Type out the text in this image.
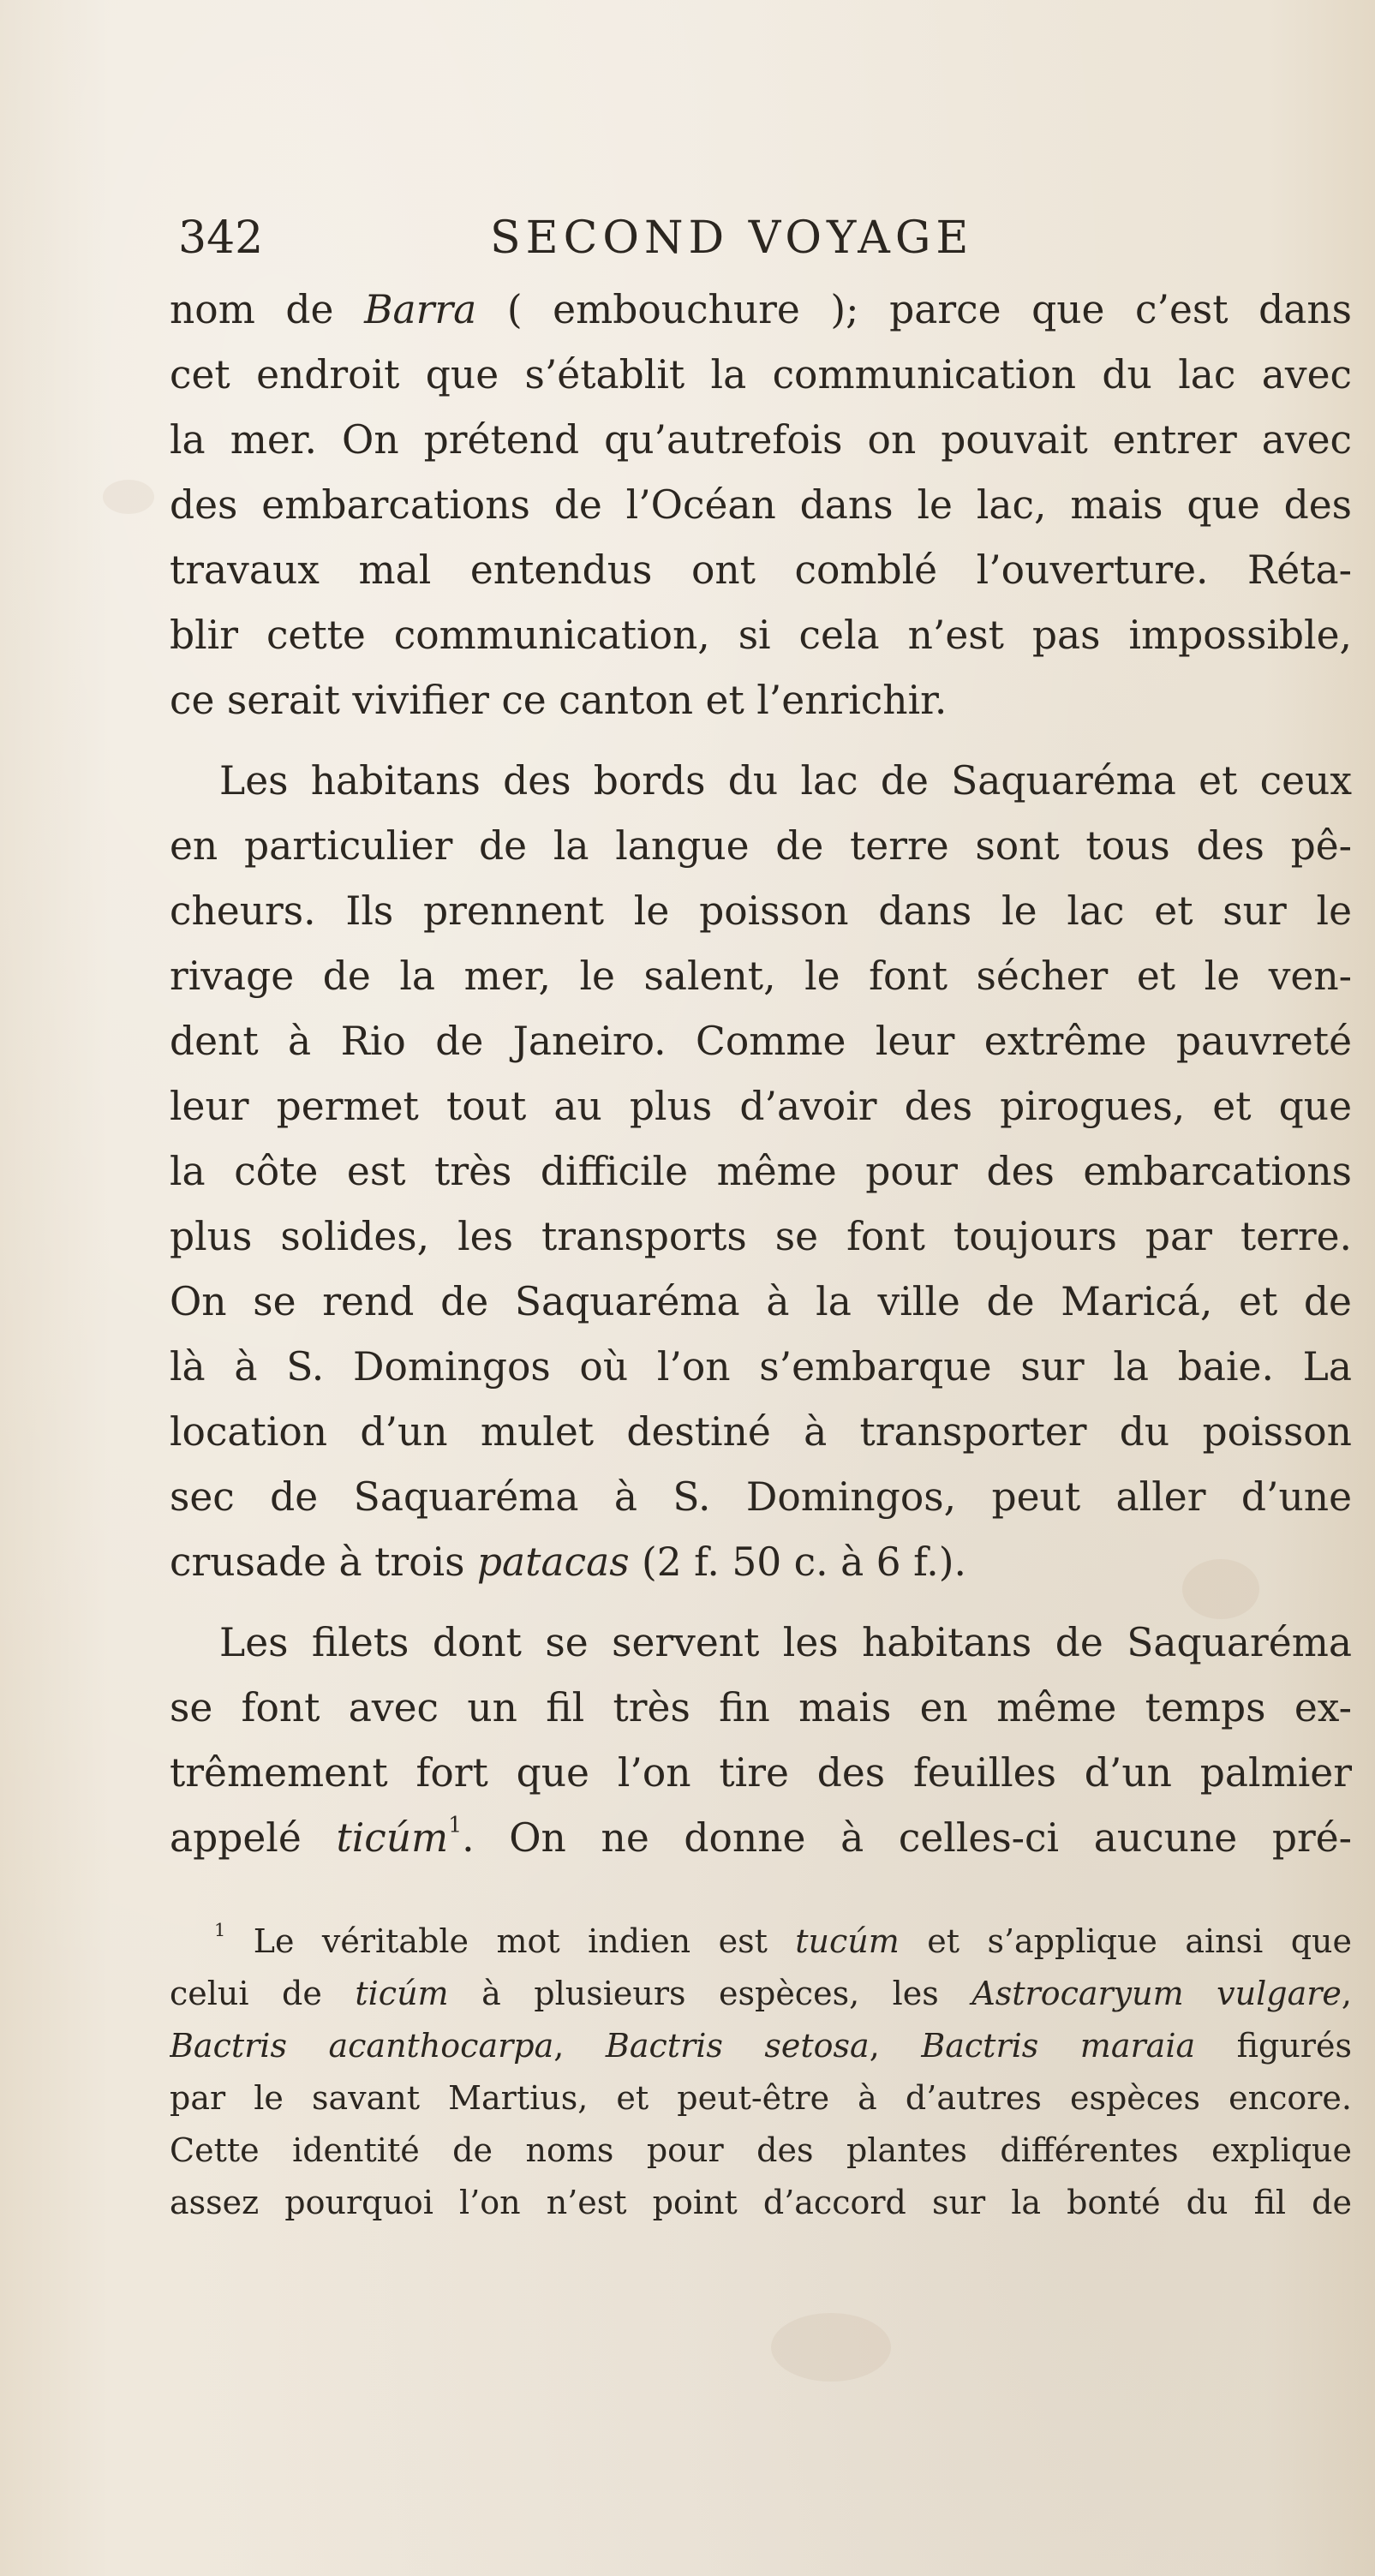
342	SECOND VOYAGE
nom de Barra ( embouchure ); parce que c’est dans
cet endroit que s’établit la communication du lac avec
la mer. On prétend qu’autrefois on pouvait entrer avec
des embarcations de l’Océan dans le lac, mais que des
travaux mal entendus ont comblé l’ouverture. Réta-
blir cette communication, si cela n’est pas impossible,
ce serait vivifier ce canton et l’enrichir.
Les habitans des bords du lac de Saquaréma et ceux
en particulier de la langue de terre sont tous des pê-
cheurs. Ils prennent le poisson dans le lac et sur le
rivage de la mer, le salent, le font sécher et le ven-
dent à Rio de Janeiro. Comme leur extrême pauvreté
leur permet tout au plus d’avoir des pirogues, et que
la côte est très difficile même pour des embarcations
plus solides, les transports se font toujours par terre.
On se rend de Saquaréma à la ville de Maricá, et de
là à S. Domingos où l’on s’embarque sur la baie. La
location d’un mulet destiné à transporter du poisson
sec de Saquaréma à S. Domingos, peut aller d’une
crusade à trois patacas (2 f. 50 c. à 6 f.).
Les filets dont se servent les habitans de Saquaréma
se font avec un fil très fin mais en même temps ex-
trêmement fort que l’on tire des feuilles d’un palmier
appelé ticúm$^1$. On ne donne à celles-ci aucune pré-
$^1$ Le véritable mot indien est tucúm et s’applique ainsi que
celui de ticúm à plusieurs espèces, les Astrocaryum vulgare,
Bactris acanthocarpa, Bactris setosa, Bactris maraia figurés
par le savant Martius, et peut-être à d’autres espèces encore.
Cette identité de noms pour des plantes différentes explique
assez pourquoi l’on n’est point d’accord sur la bonté du fil de
